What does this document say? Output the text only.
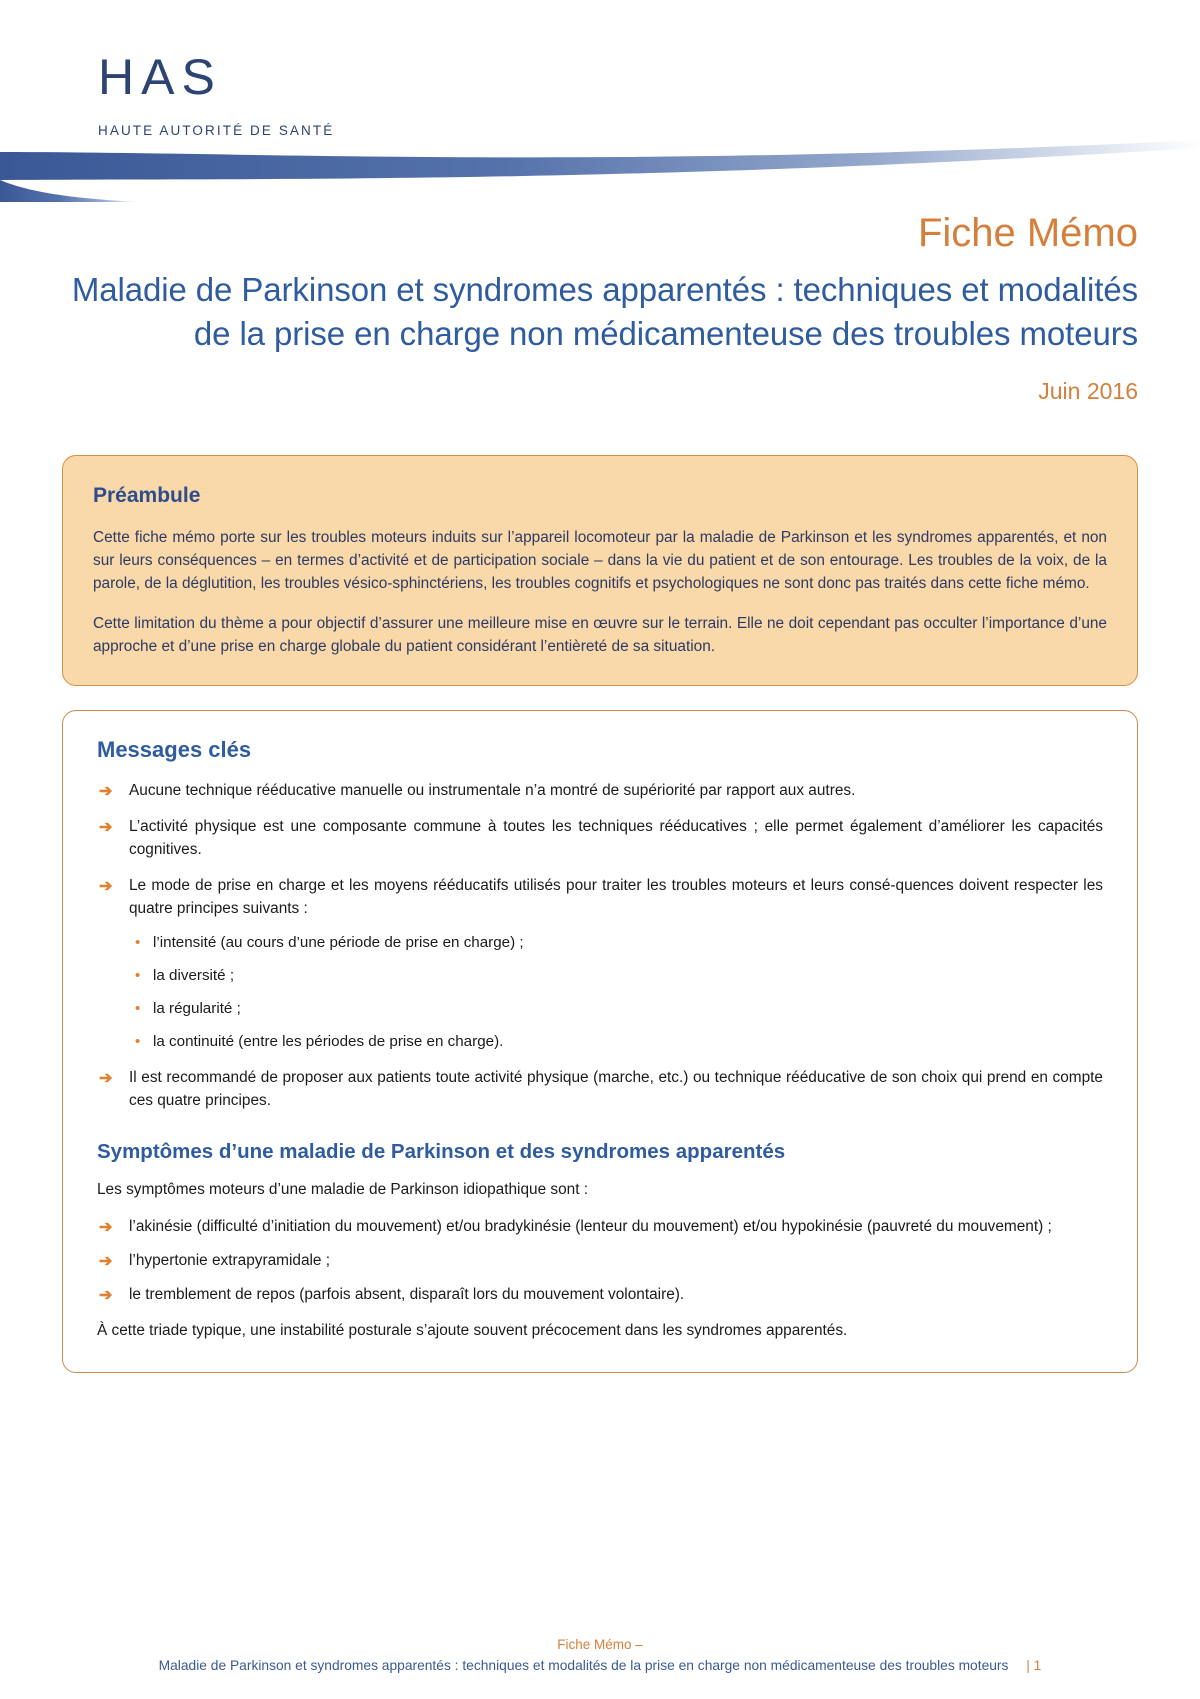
HAS
HAUTE AUTORITÉ DE SANTÉ
Fiche Mémo
Maladie de Parkinson et syndromes apparentés : techniques et modalités de la prise en charge non médicamenteuse des troubles moteurs
Juin 2016
Préambule

Cette fiche mémo porte sur les troubles moteurs induits sur l’appareil locomoteur par la maladie de Parkinson et les syndromes apparentés, et non sur leurs conséquences – en termes d’activité et de participation sociale – dans la vie du patient et de son entourage. Les troubles de la voix, de la parole, de la déglutition, les troubles vésico-sphinctériens, les troubles cognitifs et psychologiques ne sont donc pas traités dans cette fiche mémo.

Cette limitation du thème a pour objectif d’assurer une meilleure mise en œuvre sur le terrain. Elle ne doit cependant pas occulter l’importance d’une approche et d’une prise en charge globale du patient considérant l’entièreté de sa situation.

Messages clés
➔ Aucune technique rééducative manuelle ou instrumentale n’a montré de supériorité par rapport aux autres.
➔ L’activité physique est une composante commune à toutes les techniques rééducatives ; elle permet également d’améliorer les capacités cognitives.
➔ Le mode de prise en charge et les moyens rééducatifs utilisés pour traiter les troubles moteurs et leurs consé-quences doivent respecter les quatre principes suivants :
• l’intensité (au cours d’une période de prise en charge) ;
• la diversité ;
• la régularité ;
• la continuité (entre les périodes de prise en charge).
➔ Il est recommandé de proposer aux patients toute activité physique (marche, etc.) ou technique rééducative de son choix qui prend en compte ces quatre principes.
Symptômes d’une maladie de Parkinson et des syndromes apparentés

Les symptômes moteurs d’une maladie de Parkinson idiopathique sont :

➔ l’akinésie (difficulté d’initiation du mouvement) et/ou bradykinésie (lenteur du mouvement) et/ou hypokinésie (pauvreté du mouvement) ;
➔ l’hypertonie extrapyramidale ;
➔ le tremblement de repos (parfois absent, disparaît lors du mouvement volontaire).

À cette triade typique, une instabilité posturale s’ajoute souvent précocement dans les syndromes apparentés.

Fiche Mémo –
Maladie de Parkinson et syndromes apparentés : techniques et modalités de la prise en charge non médicamenteuse des troubles moteurs | 1
